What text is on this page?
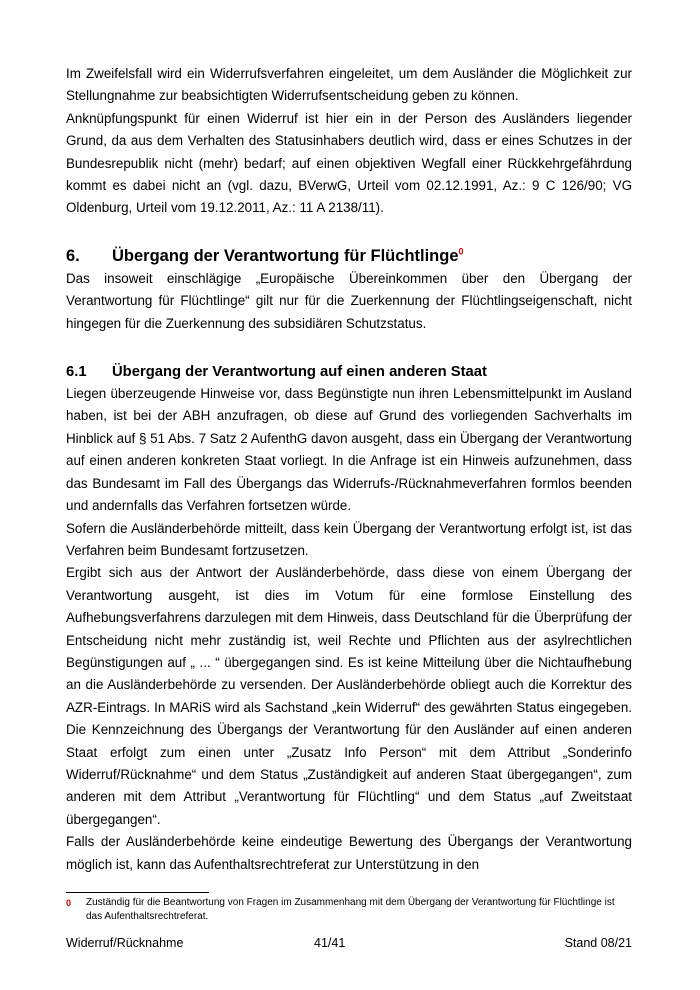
Im Zweifelsfall wird ein Widerrufsverfahren eingeleitet, um dem Ausländer die Möglichkeit zur Stellungnahme zur beabsichtigten Widerrufsentscheidung geben zu können.

Anknüpfungspunkt für einen Widerruf ist hier ein in der Person des Ausländers liegender Grund, da aus dem Verhalten des Statusinhabers deutlich wird, dass er eines Schutzes in der Bundesrepublik nicht (mehr) bedarf; auf einen objektiven Wegfall einer Rückkehrgefährdung kommt es dabei nicht an (vgl. dazu, BVerwG, Urteil vom 02.12.1991, Az.: 9 C 126/90; VG Oldenburg, Urteil vom 19.12.2011, Az.: 11 A 2138/11).

6. Übergang der Verantwortung für Flüchtlinge$^0$

Das insoweit einschlägige „Europäische Übereinkommen über den Übergang der Verantwortung für Flüchtlinge“ gilt nur für die Zuerkennung der Flüchtlingseigenschaft, nicht hingegen für die Zuerkennung des subsidiären Schutzstatus.

6.1 Übergang der Verantwortung auf einen anderen Staat

Liegen überzeugende Hinweise vor, dass Begünstigte nun ihren Lebensmittelpunkt im Ausland haben, ist bei der ABH anzufragen, ob diese auf Grund des vorliegenden Sachverhalts im Hinblick auf § 51 Abs. 7 Satz 2 AufenthG davon ausgeht, dass ein Übergang der Verantwortung auf einen anderen konkreten Staat vorliegt. In die Anfrage ist ein Hinweis aufzunehmen, dass das Bundesamt im Fall des Übergangs das Widerrufs-/Rücknahmeverfahren formlos beenden und andernfalls das Verfahren fortsetzen würde.

Sofern die Ausländerbehörde mitteilt, dass kein Übergang der Verantwortung erfolgt ist, ist das Verfahren beim Bundesamt fortzusetzen.

Ergibt sich aus der Antwort der Ausländerbehörde, dass diese von einem Übergang der Verantwortung ausgeht, ist dies im Votum für eine formlose Einstellung des Aufhebungsverfahrens darzulegen mit dem Hinweis, dass Deutschland für die Überprüfung der Entscheidung nicht mehr zuständig ist, weil Rechte und Pflichten aus der asylrechtlichen Begünstigungen auf „ ... “ übergegangen sind. Es ist keine Mitteilung über die Nichtaufhebung an die Ausländerbehörde zu versenden. Der Ausländerbehörde obliegt auch die Korrektur des AZR-Eintrags. In MARiS wird als Sachstand „kein Widerruf“ des gewährten Status eingegeben. Die Kennzeichnung des Übergangs der Verantwortung für den Ausländer auf einen anderen Staat erfolgt zum einen unter „Zusatz Info Person“ mit dem Attribut „Sonderinfo Widerruf/Rücknahme“ und dem Status „Zuständigkeit auf anderen Staat übergegangen“, zum anderen mit dem Attribut „Verantwortung für Flüchtling“ und dem Status „auf Zweitstaat übergegangen“.

Falls der Ausländerbehörde keine eindeutige Bewertung des Übergangs der Verantwortung möglich ist, kann das Aufenthaltsrechtreferat zur Unterstützung in den

0 Zuständig für die Beantwortung von Fragen im Zusammenhang mit dem Übergang der Verantwortung für Flüchtlinge ist das Aufenthaltsrechtreferat.
Widerruf/Rücknahme	41/41	Stand 08/21
